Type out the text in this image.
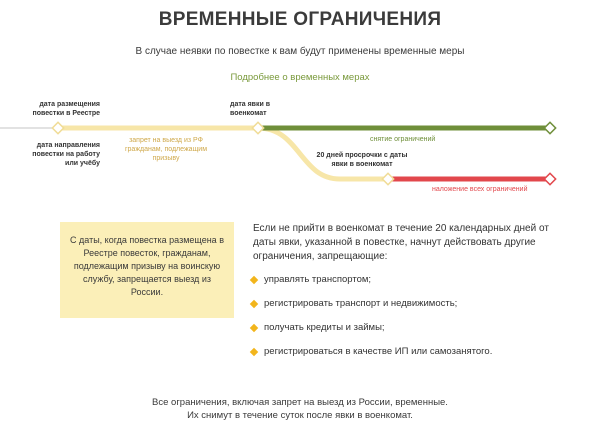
ВРЕМЕННЫЕ ОГРАНИЧЕНИЯ
В случае неявки по повестке к вам будут применены временные меры
Подробнее о временных мерах
дата размещения повестки в Реестре
дата направления повестки на работу или учёбу
запрет на выезд из РФ гражданам, подлежащим призыву
дата явки в военкомат
снятие ограничений
20 дней просрочки с даты явки в военкомат
наложение всех ограничений
С даты, когда повестка размещена в Реестре повесток, гражданам, подлежащим призыву на воинскую службу, запрещается выезд из России.
Если не прийти в военкомат в течение 20 календарных дней от даты явки, указанной в повестке, начнут действовать другие ограничения, запрещающие:
управлять транспортом;
регистрировать транспорт и недвижимость;
получать кредиты и займы;
регистрироваться в качестве ИП или самозанятого.
Все ограничения, включая запрет на выезд из России, временные.
Их снимут в течение суток после явки в военкомат.
